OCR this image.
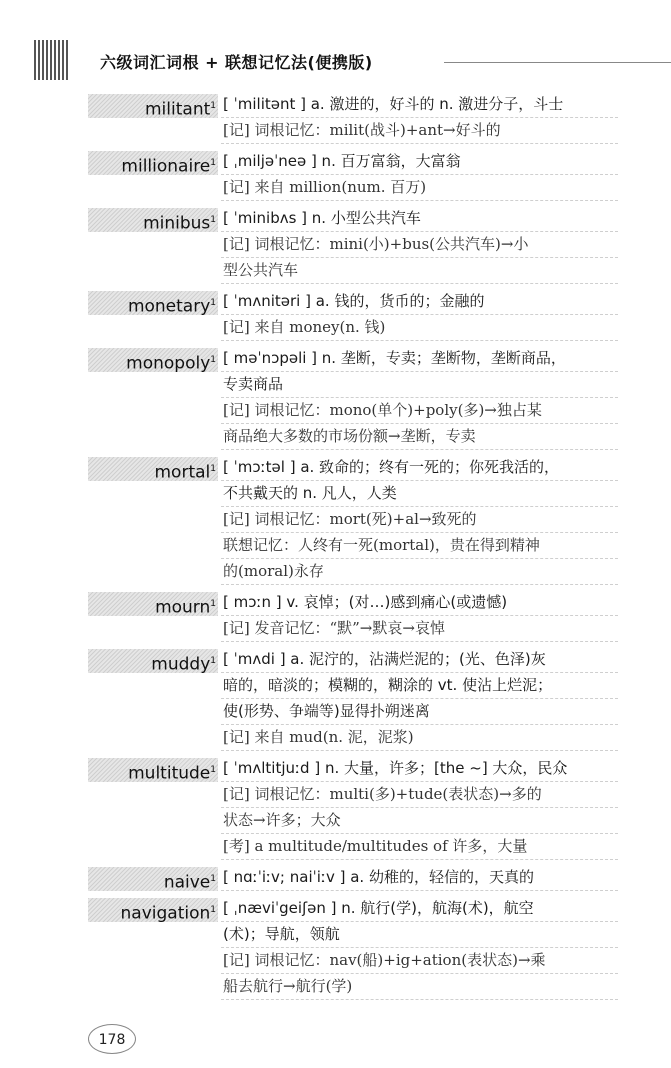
六级词汇词根 + 联想记忆法(便携版)
militant$^1$ [ ˈmilitənt ] a. 激进的，好斗的 n. 激进分子，斗士
[记] 词根记忆：milit(战斗)+ant→好斗的
millionaire$^1$ [ ˌmiljəˈneə ] n. 百万富翁，大富翁
[记] 来自 million(num. 百万)
minibus$^1$ [ ˈminibʌs ] n. 小型公共汽车
[记] 词根记忆：mini(小)+bus(公共汽车)→小
型公共汽车
monetary$^1$ [ ˈmʌnitəri ] a. 钱的，货币的；金融的
[记] 来自 money(n. 钱)
monopoly$^1$ [ məˈnɔpəli ] n. 垄断，专卖；垄断物，垄断商品，
专卖商品
[记] 词根记忆：mono(单个)+poly(多)→独占某
商品绝大多数的市场份额→垄断，专卖
mortal$^1$ [ ˈmɔːtəl ] a. 致命的；终有一死的；你死我活的，
不共戴天的 n. 凡人，人类
[记] 词根记忆：mort(死)+al→致死的
联想记忆：人终有一死(mortal)，贵在得到精神
的(moral)永存
mourn$^1$ [ mɔːn ] v. 哀悼；(对…)感到痛心(或遗憾)
[记] 发音记忆：“默”→默哀→哀悼
muddy$^1$ [ ˈmʌdi ] a. 泥泞的，沾满烂泥的；(光、色泽)灰
暗的，暗淡的；模糊的，糊涂的 vt. 使沾上烂泥；
使(形势、争端等)显得扑朔迷离
[记] 来自 mud(n. 泥，泥浆)
multitude$^1$ [ ˈmʌltitjuːd ] n. 大量，许多；[the ~] 大众，民众
[记] 词根记忆：multi(多)+tude(表状态)→多的
状态→许多；大众
[考] a multitude/multitudes of 许多，大量
naive$^1$ [ nɑːˈiːv; naiˈiːv ] a. 幼稚的，轻信的，天真的
navigation$^1$ [ ˌnæviˈgeiʃən ] n. 航行(学)，航海(术)，航空
(术)；导航，领航
[记] 词根记忆：nav(船)+ig+ation(表状态)→乘
船去航行→航行(学)
178
